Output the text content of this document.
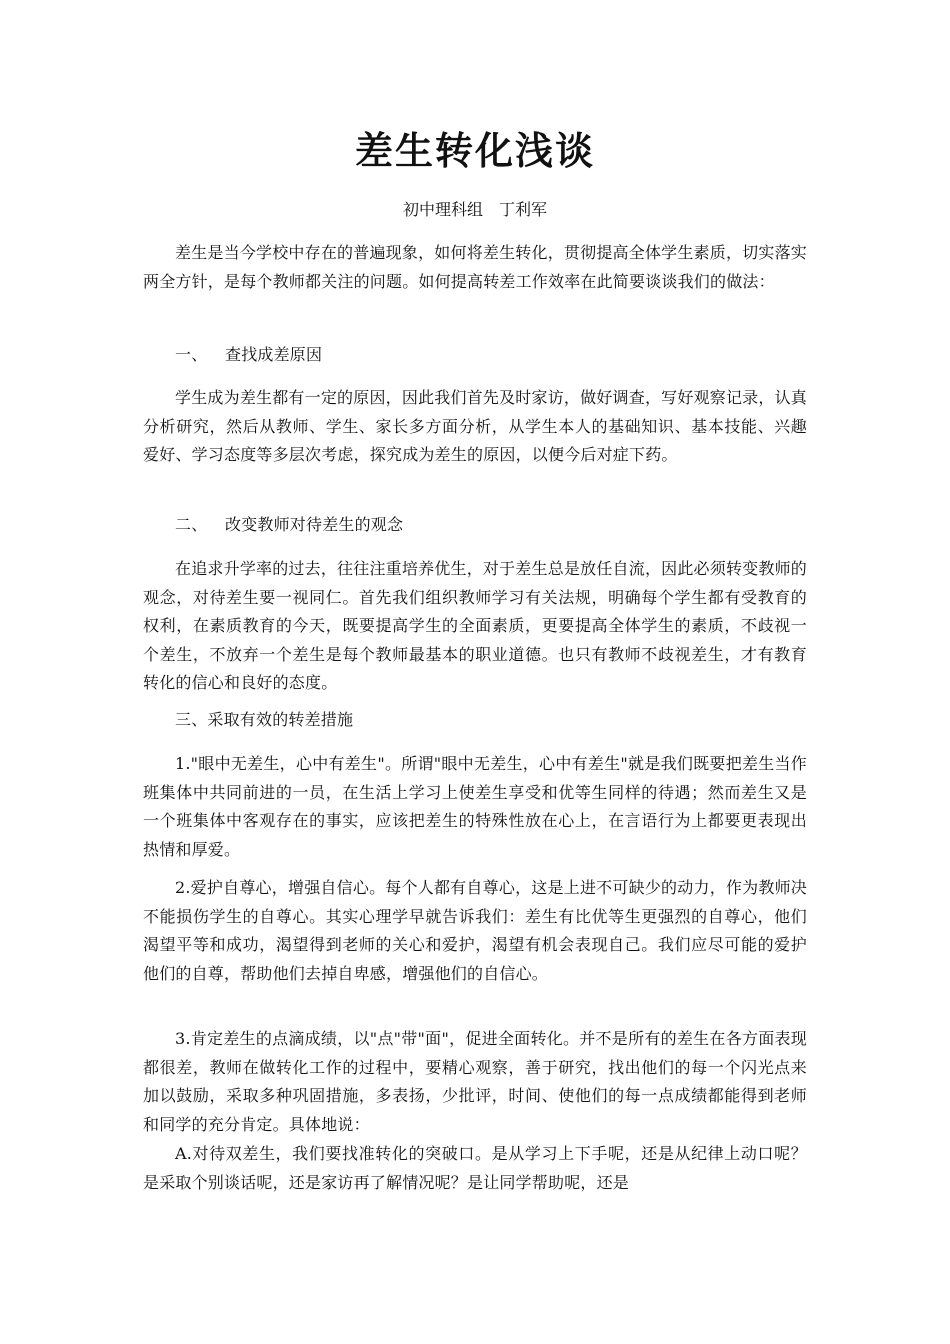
差生转化浅谈

初中理科组　丁利军

差生是当今学校中存在的普遍现象，如何将差生转化，贯彻提高全体学生素质，切实落实两全方针，是每个教师都关注的问题。如何提高转差工作效率在此简要谈谈我们的做法：

一、 查找成差原因

学生成为差生都有一定的原因，因此我们首先及时家访，做好调查，写好观察记录，认真分析研究，然后从教师、学生、家长多方面分析，从学生本人的基础知识、基本技能、兴趣爱好、学习态度等多层次考虑，探究成为差生的原因，以便今后对症下药。

二、 改变教师对待差生的观念

在追求升学率的过去，往往注重培养优生，对于差生总是放任自流，因此必须转变教师的观念，对待差生要一视同仁。首先我们组织教师学习有关法规，明确每个学生都有受教育的权利，在素质教育的今天，既要提高学生的全面素质，更要提高全体学生的素质，不歧视一个差生，不放弃一个差生是每个教师最基本的职业道德。也只有教师不歧视差生，才有教育转化的信心和良好的态度。

三、采取有效的转差措施

1."眼中无差生，心中有差生"。所谓"眼中无差生，心中有差生"就是我们既要把差生当作班集体中共同前进的一员，在生活上学习上使差生享受和优等生同样的待遇；然而差生又是一个班集体中客观存在的事实，应该把差生的特殊性放在心上，在言语行为上都要更表现出热情和厚爱。

2.爱护自尊心，增强自信心。每个人都有自尊心，这是上进不可缺少的动力，作为教师决不能损伤学生的自尊心。其实心理学早就告诉我们：差生有比优等生更强烈的自尊心，他们渴望平等和成功，渴望得到老师的关心和爱护，渴望有机会表现自己。我们应尽可能的爱护他们的自尊，帮助他们去掉自卑感，增强他们的自信心。

3.肯定差生的点滴成绩，以"点"带"面"，促进全面转化。并不是所有的差生在各方面表现都很差，教师在做转化工作的过程中，要精心观察，善于研究，找出他们的每一个闪光点来加以鼓励，采取多种巩固措施，多表扬，少批评，时间、使他们的每一点成绩都能得到老师和同学的充分肯定。具体地说：

A.对待双差生，我们要找准转化的突破口。是从学习上下手呢，还是从纪律上动口呢？是采取个别谈话呢，还是家访再了解情况呢？是让同学帮助呢，还是
